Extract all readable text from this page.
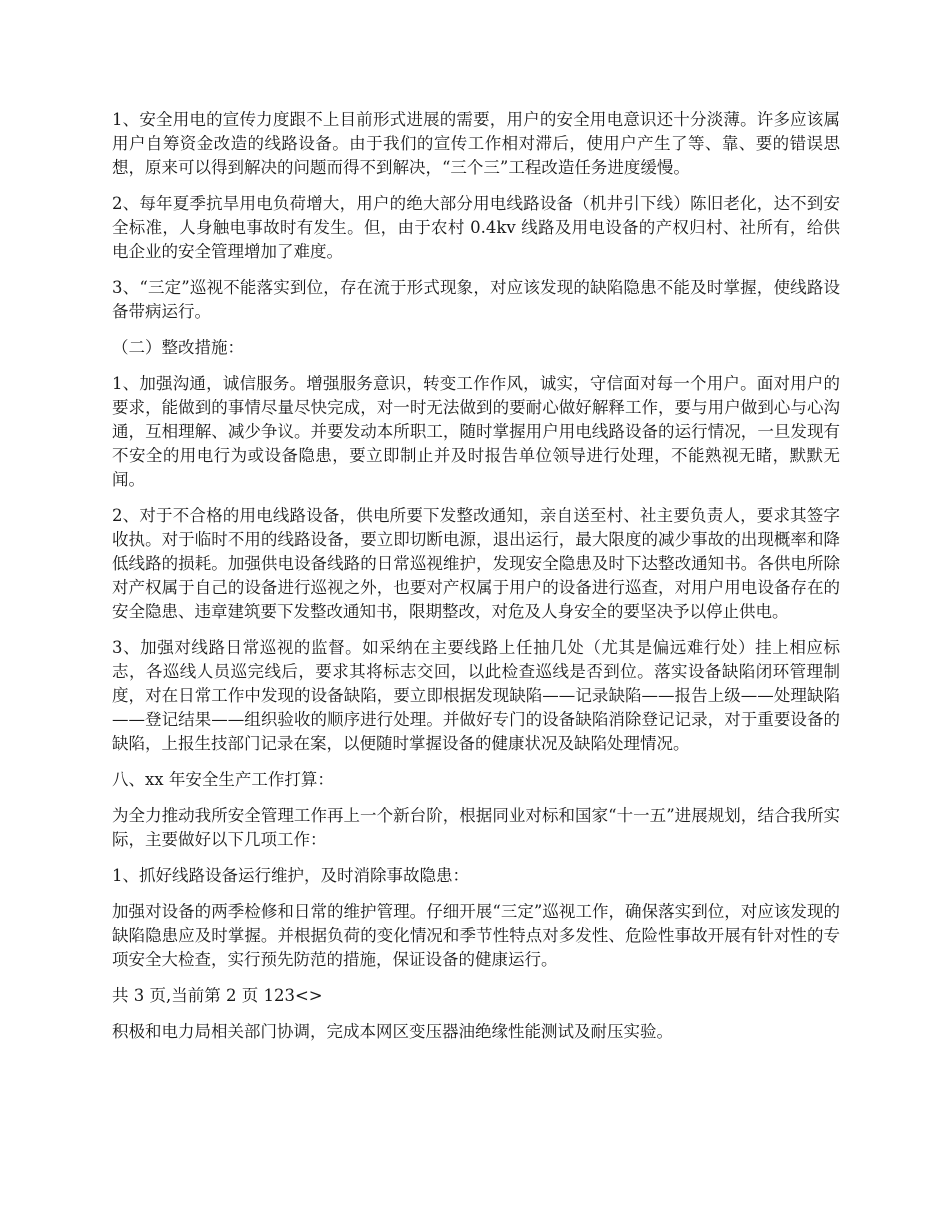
1、安全用电的宣传力度跟不上目前形式进展的需要，用户的安全用电意识还十分淡薄。许多应该属用户自筹资金改造的线路设备。由于我们的宣传工作相对滞后，使用户产生了等、靠、要的错误思想，原来可以得到解决的问题而得不到解决，“三个三”工程改造任务进度缓慢。

2、每年夏季抗旱用电负荷增大，用户的绝大部分用电线路设备（机井引下线）陈旧老化，达不到安全标准，人身触电事故时有发生。但，由于农村 0.4kv 线路及用电设备的产权归村、社所有，给供电企业的安全管理增加了难度。

3、“三定”巡视不能落实到位，存在流于形式现象，对应该发现的缺陷隐患不能及时掌握，使线路设备带病运行。

（二）整改措施：

1、加强沟通，诚信服务。增强服务意识，转变工作作风，诚实，守信面对每一个用户。面对用户的要求，能做到的事情尽量尽快完成，对一时无法做到的要耐心做好解释工作，要与用户做到心与心沟通，互相理解、减少争议。并要发动本所职工，随时掌握用户用电线路设备的运行情况，一旦发现有不安全的用电行为或设备隐患，要立即制止并及时报告单位领导进行处理，不能熟视无睹，默默无闻。

2、对于不合格的用电线路设备，供电所要下发整改通知，亲自送至村、社主要负责人，要求其签字收执。对于临时不用的线路设备，要立即切断电源，退出运行，最大限度的减少事故的出现概率和降低线路的损耗。加强供电设备线路的日常巡视维护，发现安全隐患及时下达整改通知书。各供电所除对产权属于自己的设备进行巡视之外，也要对产权属于用户的设备进行巡查，对用户用电设备存在的安全隐患、违章建筑要下发整改通知书，限期整改，对危及人身安全的要坚决予以停止供电。

3、加强对线路日常巡视的监督。如采纳在主要线路上任抽几处（尤其是偏远难行处）挂上相应标志，各巡线人员巡完线后，要求其将标志交回，以此检查巡线是否到位。落实设备缺陷闭环管理制度，对在日常工作中发现的设备缺陷，要立即根据发现缺陷——记录缺陷——报告上级——处理缺陷——登记结果——组织验收的顺序进行处理。并做好专门的设备缺陷消除登记记录，对于重要设备的缺陷，上报生技部门记录在案，以便随时掌握设备的健康状况及缺陷处理情况。

八、xx 年安全生产工作打算：

为全力推动我所安全管理工作再上一个新台阶，根据同业对标和国家“十一五”进展规划，结合我所实际，主要做好以下几项工作：

1、抓好线路设备运行维护，及时消除事故隐患：

加强对设备的两季检修和日常的维护管理。仔细开展“三定”巡视工作，确保落实到位，对应该发现的缺陷隐患应及时掌握。并根据负荷的变化情况和季节性特点对多发性、危险性事故开展有针对性的专项安全大检查，实行预先防范的措施，保证设备的健康运行。

共 3 页,当前第 2 页 123<>

积极和电力局相关部门协调，完成本网区变压器油绝缘性能测试及耐压实验。
